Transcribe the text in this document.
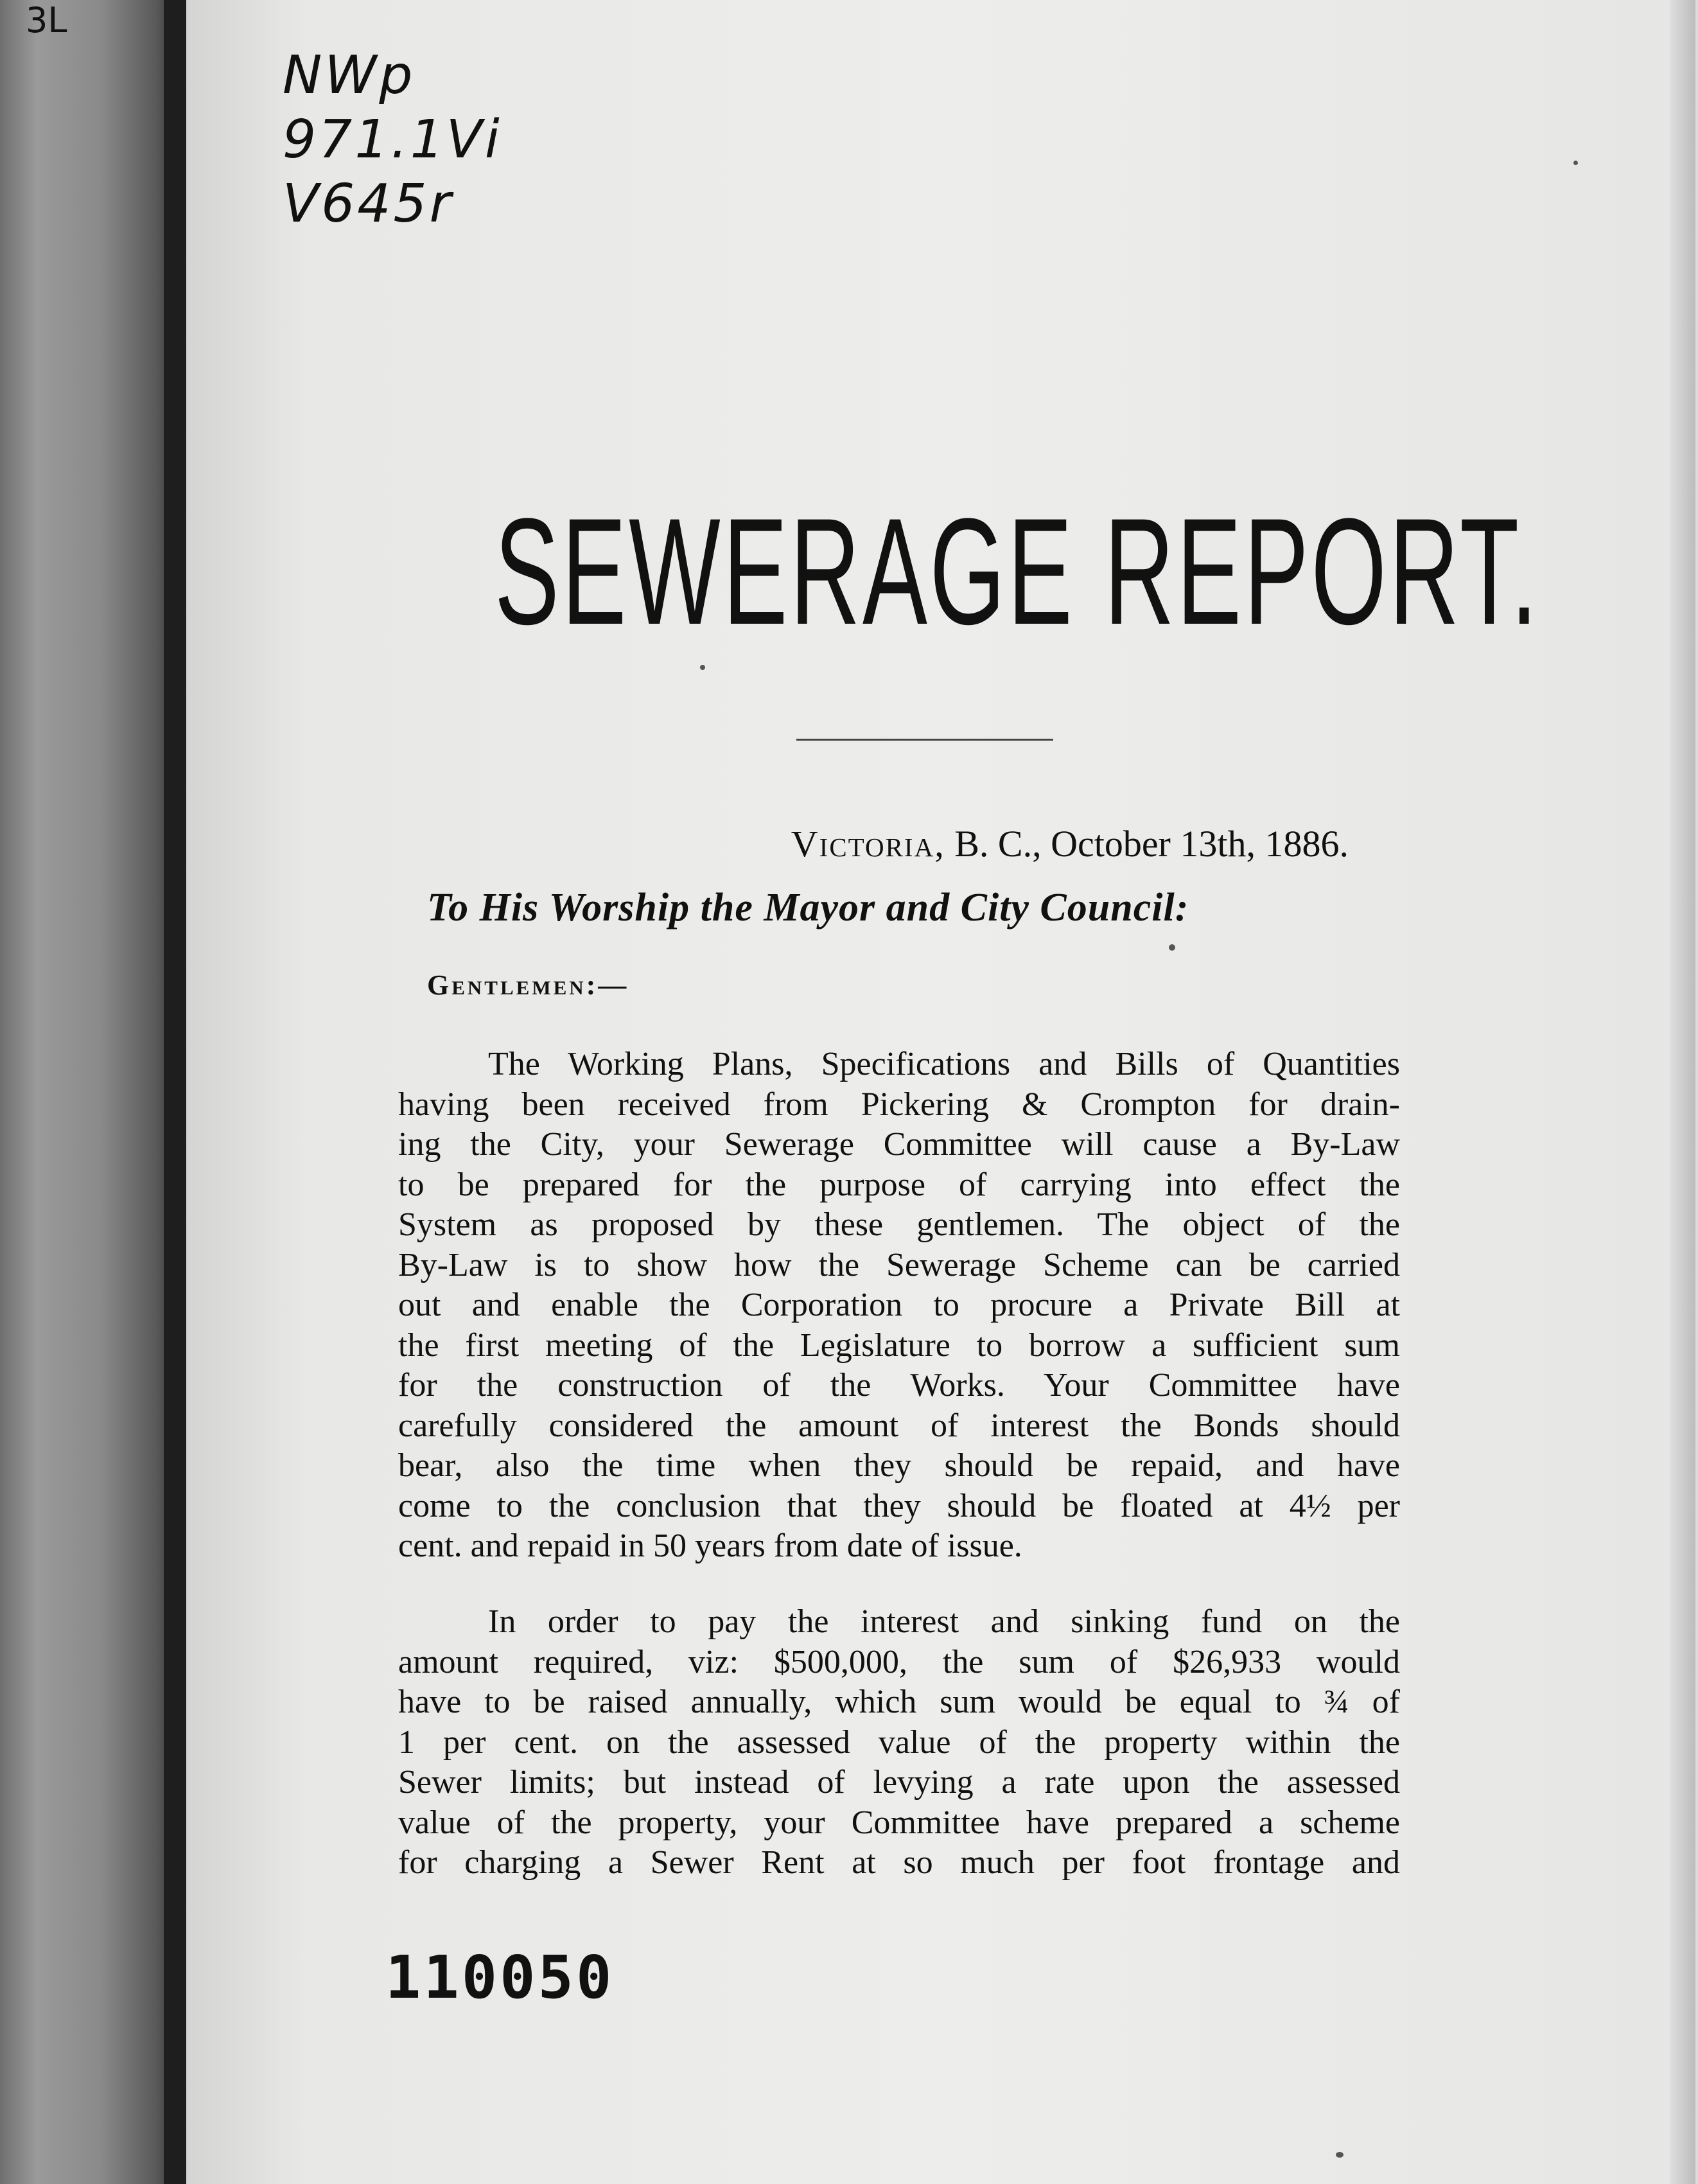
3L
NWp
971.1Vi
V645r
SEWERAGE REPORT.
Victoria, B. C., October 13th, 1886.
To His Worship the Mayor and City Council:
Gentlemen:—
The Working Plans, Specifications and Bills of Quantities
having been received from Pickering & Crompton for drain-
ing the City, your Sewerage Committee will cause a By-Law
to be prepared for the purpose of carrying into effect the
System as proposed by these gentlemen. The object of the
By-Law is to show how the Sewerage Scheme can be carried
out and enable the Corporation to procure a Private Bill at
the first meeting of the Legislature to borrow a sufficient sum
for the construction of the Works. Your Committee have
carefully considered the amount of interest the Bonds should
bear, also the time when they should be repaid, and have
come to the conclusion that they should be floated at 4½ per
cent. and repaid in 50 years from date of issue.
In order to pay the interest and sinking fund on the
amount required, viz: $500,000, the sum of $26,933 would
have to be raised annually, which sum would be equal to ¾ of
1 per cent. on the assessed value of the property within the
Sewer limits; but instead of levying a rate upon the assessed
value of the property, your Committee have prepared a scheme
for charging a Sewer Rent at so much per foot frontage and
110050
